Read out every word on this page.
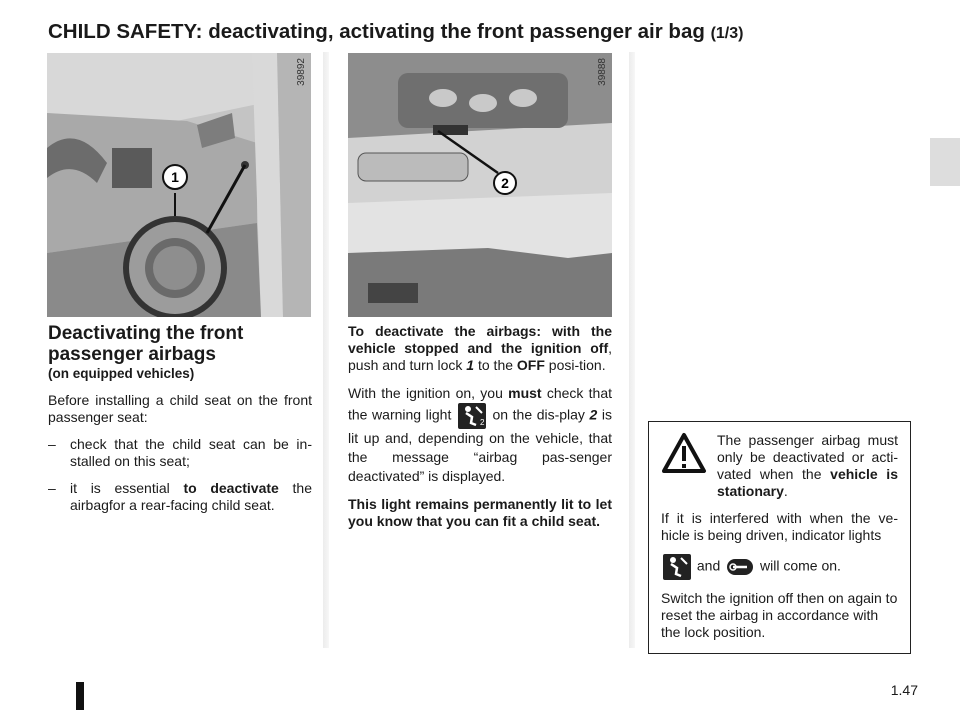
CHILD SAFETY: deactivating, activating the front passenger air bag (1/3)
1
39892
2
39888
Deactivating the front passenger airbags
(on equipped vehicles)

Before installing a child seat on the front passenger seat:

–	check that the child seat can be in-stalled on this seat;
–	it is essential to deactivate the airbagfor a rear-facing child seat.

To deactivate the airbags: with the vehicle stopped and the ignition off, push and turn lock 1 to the OFF posi-tion.

With the ignition on, you must check that the warning light	2 on the dis-play 2 is lit up and, depending on the vehicle, that the message “airbag pas-senger deactivated” is displayed.

This light remains permanently lit to let you know that you can fit a child seat.

The passenger airbag must only be deactivated or acti-vated when the vehicle is stationary.

If it is interfered with when the ve-hicle is being driven, indicator lights

and  will come on.

Switch the ignition off then on again to reset the airbag in accordance with the lock position.

1.47
